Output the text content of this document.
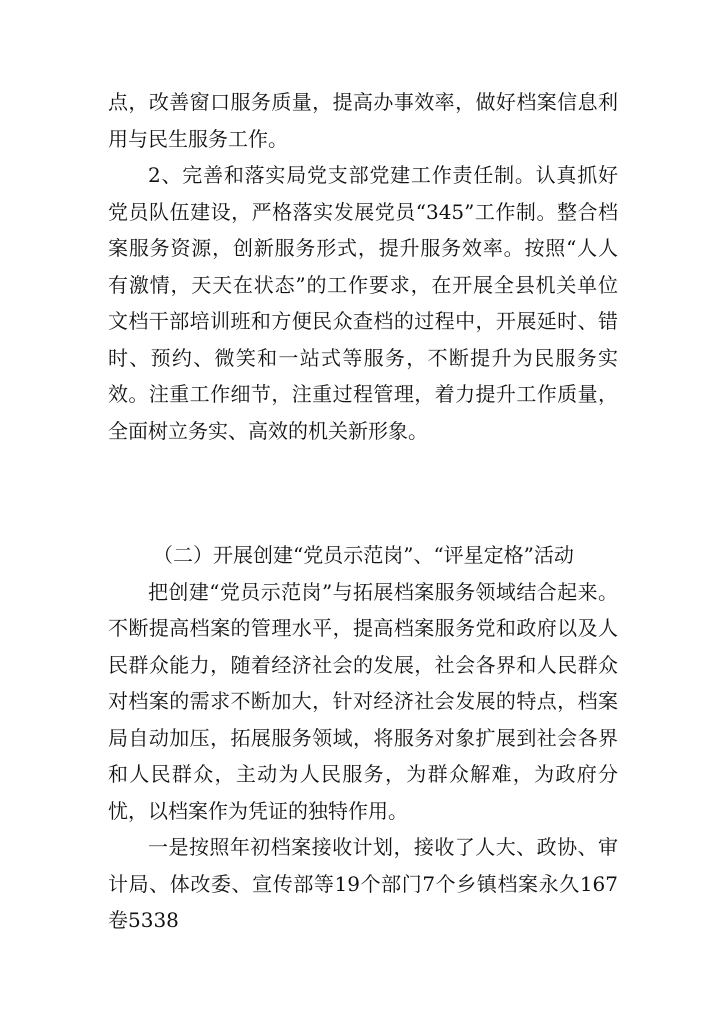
点，改善窗口服务质量，提高办事效率，做好档案信息利用与民生服务工作。

2、完善和落实局党支部党建工作责任制。认真抓好党员队伍建设，严格落实发展党员“345”工作制。整合档案服务资源，创新服务形式，提升服务效率。按照“人人有激情，天天在状态”的工作要求，在开展全县机关单位文档干部培训班和方便民众查档的过程中，开展延时、错时、预约、微笑和一站式等服务，不断提升为民服务实效。注重工作细节，注重过程管理，着力提升工作质量，全面树立务实、高效的机关新形象。

（二）开展创建“党员示范岗”、“评星定格”活动

把创建“党员示范岗”与拓展档案服务领域结合起来。不断提高档案的管理水平，提高档案服务党和政府以及人民群众能力，随着经济社会的发展，社会各界和人民群众对档案的需求不断加大，针对经济社会发展的特点，档案局自动加压，拓展服务领域，将服务对象扩展到社会各界和人民群众，主动为人民服务，为群众解难，为政府分忧，以档案作为凭证的独特作用。

一是按照年初档案接收计划，接收了人大、政协、审计局、体改委、宣传部等19个部门7个乡镇档案永久167卷5338
